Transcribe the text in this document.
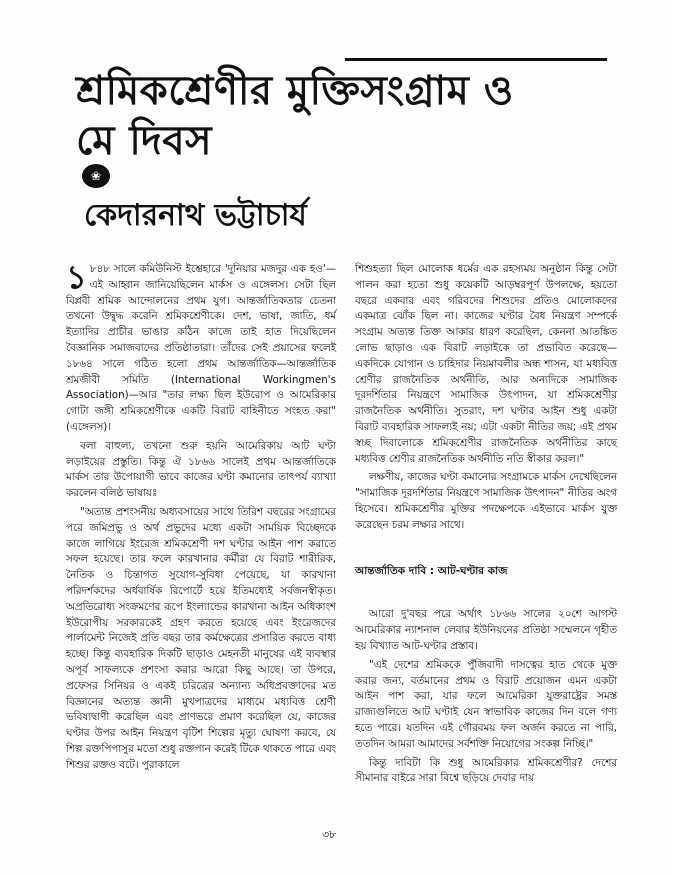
শ্রমিকশ্রেণীর মুক্তিসংগ্রাম ও
মে দিবস
❀
কেদারনাথ ভট্টাচার্য

১ ৮৪৮ সালে কমিউনিস্ট ইশ্তেহারে 'দুনিয়ার মজদুর এক হও'—এই আহ্বান জানিয়েছিলেন মার্কস ও এঙ্গেলস। সেটা ছিল বিপ্লবী শ্রমিক আন্দোলনের প্রথম যুগ। আন্তর্জাতিকতার চেতনা তখনো উদ্বুদ্ধ করেনি শ্রমিকশ্রেণীকে। দেশ, ভাষা, জাতি, ধর্ম ইত্যাদির প্রাচীর ভাঙার কঠিন কাজে তাই হাত দিয়েছিলেন বৈজ্ঞানিক সমাজবাদের প্রতিষ্ঠাতারা। তাঁদের সেই প্রয়াসের ফলেই ১৮৬৪ সালে গঠিত হলো প্রথম আন্তর্জাতিক—আন্তর্জাতিক শ্রমজীবী সমিতি (International Workingmen's Association)—আর "তার লক্ষ্য ছিল ইউরোপ ও আমেরিকার গোটা জঙ্গী শ্রমিকশ্রেণীকে একটি বিরাট বাহিনীতে সংহত করা" (এঙ্গেলস)।

বলা বাহুল্য, তখনো শুরু হয়নি আমেরিকায় আট ঘণ্টা লড়াইয়ের প্রস্তুতি। কিন্তু ঐ ১৮৬৬ সালেই প্রথম আন্তর্জাতিকে মার্কস তার উপোয়াগী ভাবে কাজের ঘণ্টা কমানোর তাৎপর্য ব্যাখ্যা করলেন বলিষ্ঠ ভাষায়ঃ

"অত্যন্ত প্রশংসনীয় অধ্যবসায়ের সাথে তিরিশ বছরের সংগ্রামের পরে জমিপ্রভু ও অর্থ প্রভুদের মধ্যে একটা সাময়িক বিচ্ছেদকে কাজে লাগিয়ে ইংরেজ শ্রমিকশ্রেণী দশ ঘণ্টার আইন পাশ করাতে সফল হয়েছে। তার ফলে কারখানার কর্মীরা যে বিরাট শারীরিক, নৈতিক ও চিন্তাগত সুযোগ-সুবিধা পেয়েছে, যা কারখানা পরিদর্শকদের অর্ধবার্ষিক রিপোর্টে হয়ে ইতিমধ্যেই সর্বজনস্বীকৃত। অপ্রতিরোধ্য সংক্রমণের রূপে ইংল্যান্ডের কারখানা আইন অধিকাংশ ইউরোপীয় সরকারকেই গ্রহণ করতে হয়েছে এবং ইংরেজদের পার্লামেন্ট নিজেই প্রতি বছর তার কর্মক্ষেত্রের প্রসারিত করতে বাধ্য হচ্ছে। কিন্তু ব্যবহারিক দিকটি ছাড়াও মেহনতী মানুষের এই ব্যবস্থার অপূর্ব সাফল্যকে প্রশংসা করার আরো কিছু আছে। তা উপরে, প্রফেসর সিনিয়র ও একই চরিত্রের অন্যান্য অধিপ্রবক্তাদের মত বিজ্ঞানের অত্যন্ত জ্ঞানী মুখপাত্রদের মাধ্যমে মধ্যবিত্ত শ্রেণী ভবিষ্যদ্বাণী করেছিল এবং প্রাণভরে প্রমাণ করেছিল যে, কাজের ঘণ্টার উপর আইন নিয়ন্ত্রণ বৃটিশ শিল্পের মৃত্যু ঘোষণা করবে, যে শিল্প রক্তপিপাসুর মতো শুধু রক্তপান করেই টিকে থাকতে পারে এবং শিশুর রক্তও বটে। পুরাকালে

শিশুহত্যা ছিল মোলোক ধর্মের এক রহস্যময় অনুষ্ঠান কিন্তু সেটা পালন করা হতো শুধু কয়েকটি আড়ম্বরপূর্ণ উপলক্ষে, হয়তো বছরে একবার এবং গরিবদের শিশুদের প্রতিও মোলোকদের একমাত্র ঝোঁক ছিল না। কাজের ঘণ্টার বৈধ নিয়ন্ত্রণ সম্পর্কে সংগ্রাম অত্যন্ত তিক্ত আকার ধারণ করেছিল, কেননা আতঙ্কিত লোভ ছাড়াও এক বিরাট লড়াইকে তা প্রভাবিত করেছে—একদিকে যোগান ও চাহিদার নিয়মাবলীর অন্ধ শাসন, যা মধ্যবিত্ত শ্রেণীর রাজনৈতিক অর্থনীতি, আর অন্যদিকে সামাজিক দূরদর্শিতার নিয়ন্ত্রণে সামাজিক উৎপাদন, যা শ্রমিকশ্রেণীর রাজনৈতিক অর্থনীতি। সুতরাং, দশ ঘণ্টার আইন শুধু একটা বিরাট ব্যবহারিক সাফল্যই নয়; এটা একটা নীতির জয়; এই প্রথম স্বচ্ছ দিবালোকে শ্রমিকশ্রেণীর রাজনৈতিক অর্থনীতির কাছে মধ্যবিত্ত শ্রেণীর রাজনৈতিক অর্থনীতি নতি স্বীকার করল।"

লক্ষণীয়, কাজের ঘণ্টা কমানোর সংগ্রামকে মার্কস দেখেছিলেন "সামাজিক দূরদর্শিতার নিয়ন্ত্রণে সামাজিক উৎপাদন" নীতির অংগ হিসেবে। শ্রমিকশ্রেণীর মুক্তির পদক্ষেপকে এইভাবে মার্কস যুক্ত করেছেন চরম লক্ষ্যর সাথে।

আন্তর্জাতিক দাবি : আট-ঘণ্টার কাজ

আরো দু'বছর পরে অর্থাৎ ১৮৬৬ সালের ২০শে আগস্ট আমেরিকার ন্যাশনাল লেবার ইউনিয়নের প্রতিষ্ঠা সম্মেলনে গৃহীত হয় বিখ্যাত আট-ঘণ্টার প্রস্তাব।

"এই দেশের শ্রমিককে পুঁজিবাদী দাসত্বের হাত থেকে মুক্ত করার জন্য, বর্তমানের প্রথম ও বিরাট প্রয়োজন এমন একটা আইন পাশ করা, যার ফলে আমেরিকা যুক্তরাষ্ট্রের সমস্ত রাজ্যগুলিতে আট ঘণ্টাই যেন স্বাভাবিক কাজের দিন বলে গণ্য হতে পারে। যতদিন এই গৌরবময় ফল অর্জন করতে না পারি, ততদিন আমরা আমাদের সর্বশক্তি নিয়োগের সংকল্প নিচ্ছি।"

কিন্তু দাবিটা কি শুধু আমেরিকার শ্রমিকশ্রেণীর? দেশের সীমানার বাইরে সারা বিশ্বে ছড়িয়ে দেবার দায়

৩৮
